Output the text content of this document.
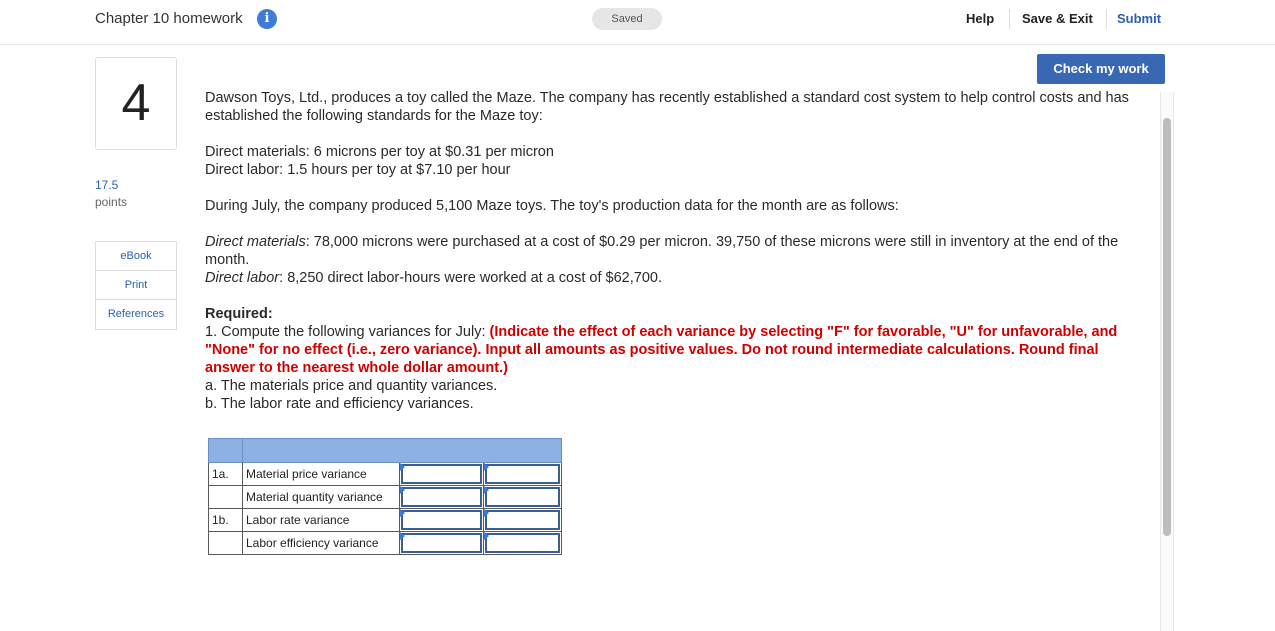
Chapter 10 homework	i	Saved	Help Save & Exit Submit
Check my work
4
17.5
points
eBook
Print
References

Dawson Toys, Ltd., produces a toy called the Maze. The company has recently established a standard cost system to help control costs and has established the following standards for the Maze toy:

Direct materials: 6 microns per toy at $0.31 per micron

Direct labor: 1.5 hours per toy at $7.10 per hour

During July, the company produced 5,100 Maze toys. The toy's production data for the month are as follows:

Direct materials: 78,000 microns were purchased at a cost of $0.29 per micron. 39,750 of these microns were still in inventory at the end of the month.

Direct labor: 8,250 direct labor-hours were worked at a cost of $62,700.

Required:

1. Compute the following variances for July: (Indicate the effect of each variance by selecting "F" for favorable, "U" for unfavorable, and "None" for no effect (i.e., zero variance). Input all amounts as positive values. Do not round intermediate calculations. Round final answer to the nearest whole dollar amount.)

a. The materials price and quantity variances.

b. The labor rate and efficiency variances.

1a.	Material price variance	

	Material quantity variance	

1b.	Labor rate variance	

	Labor efficiency variance	
